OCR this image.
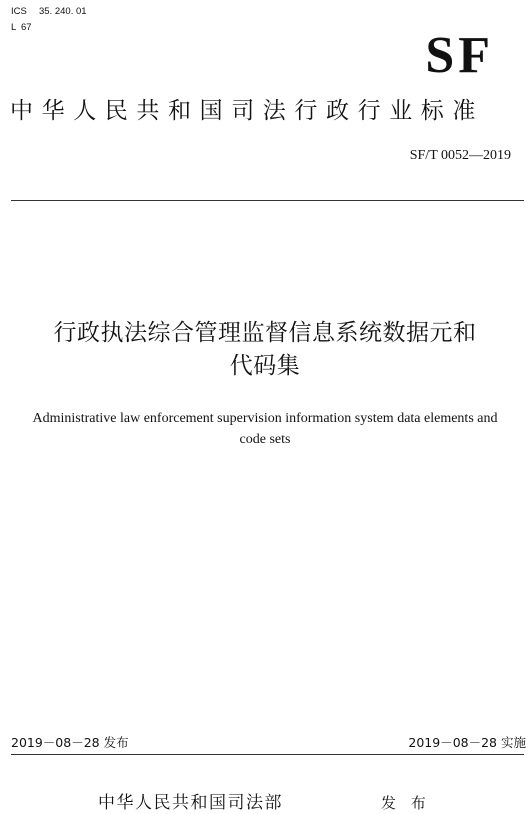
ICS 35. 240. 01
L 67	SF
中华人民共和国司法行政行业标准
SF/T 0052—2019
行政执法综合管理监督信息系统数据元和
代码集
Administrative law enforcement supervision information system data elements and
code sets
2019－08－28 发布	2019－08－28 实施
中华人民共和国司法部	发 布
